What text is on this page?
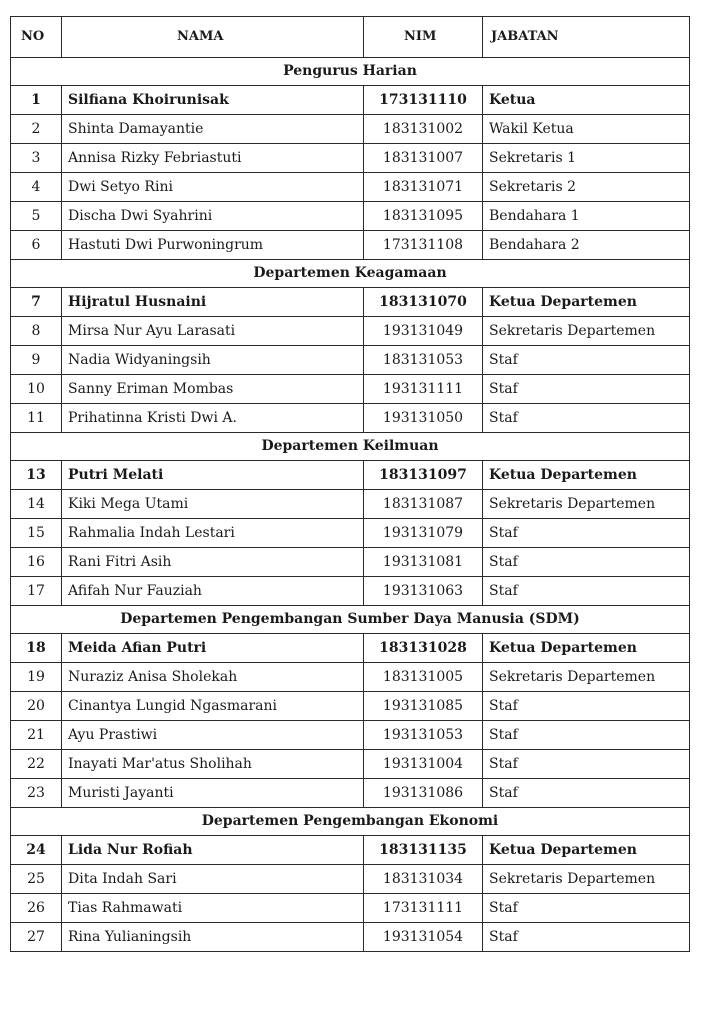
NO	NAMA	NIM	JABATAN
Pengurus Harian			
1	Silfiana Khoirunisak	173131110	Ketua
2	Shinta Damayantie	183131002	Wakil Ketua
3	Annisa Rizky Febriastuti	183131007	Sekretaris 1
4	Dwi Setyo Rini	183131071	Sekretaris 2
5	Discha Dwi Syahrini	183131095	Bendahara 1
6	Hastuti Dwi Purwoningrum	173131108	Bendahara 2
Departemen Keagamaan			
7	Hijratul Husnaini	183131070	Ketua Departemen
8	Mirsa Nur Ayu Larasati	193131049	Sekretaris Departemen
9	Nadia Widyaningsih	183131053	Staf
10	Sanny Eriman Mombas	193131111	Staf
11	Prihatinna Kristi Dwi A.	193131050	Staf
Departemen Keilmuan			
13	Putri Melati	183131097	Ketua Departemen
14	Kiki Mega Utami	183131087	Sekretaris Departemen
15	Rahmalia Indah Lestari	193131079	Staf
16	Rani Fitri Asih	193131081	Staf
17	Afifah Nur Fauziah	193131063	Staf
Departemen Pengembangan Sumber Daya Manusia (SDM)			
18	Meida Afian Putri	183131028	Ketua Departemen
19	Nuraziz Anisa Sholekah	183131005	Sekretaris Departemen
20	Cinantya Lungid Ngasmarani	193131085	Staf
21	Ayu Prastiwi	193131053	Staf
22	Inayati Mar'atus Sholihah	193131004	Staf
23	Muristi Jayanti	193131086	Staf
Departemen Pengembangan Ekonomi			
24	Lida Nur Rofiah	183131135	Ketua Departemen
25	Dita Indah Sari	183131034	Sekretaris Departemen
26	Tias Rahmawati	173131111	Staf
27	Rina Yulianingsih	193131054	Staf
